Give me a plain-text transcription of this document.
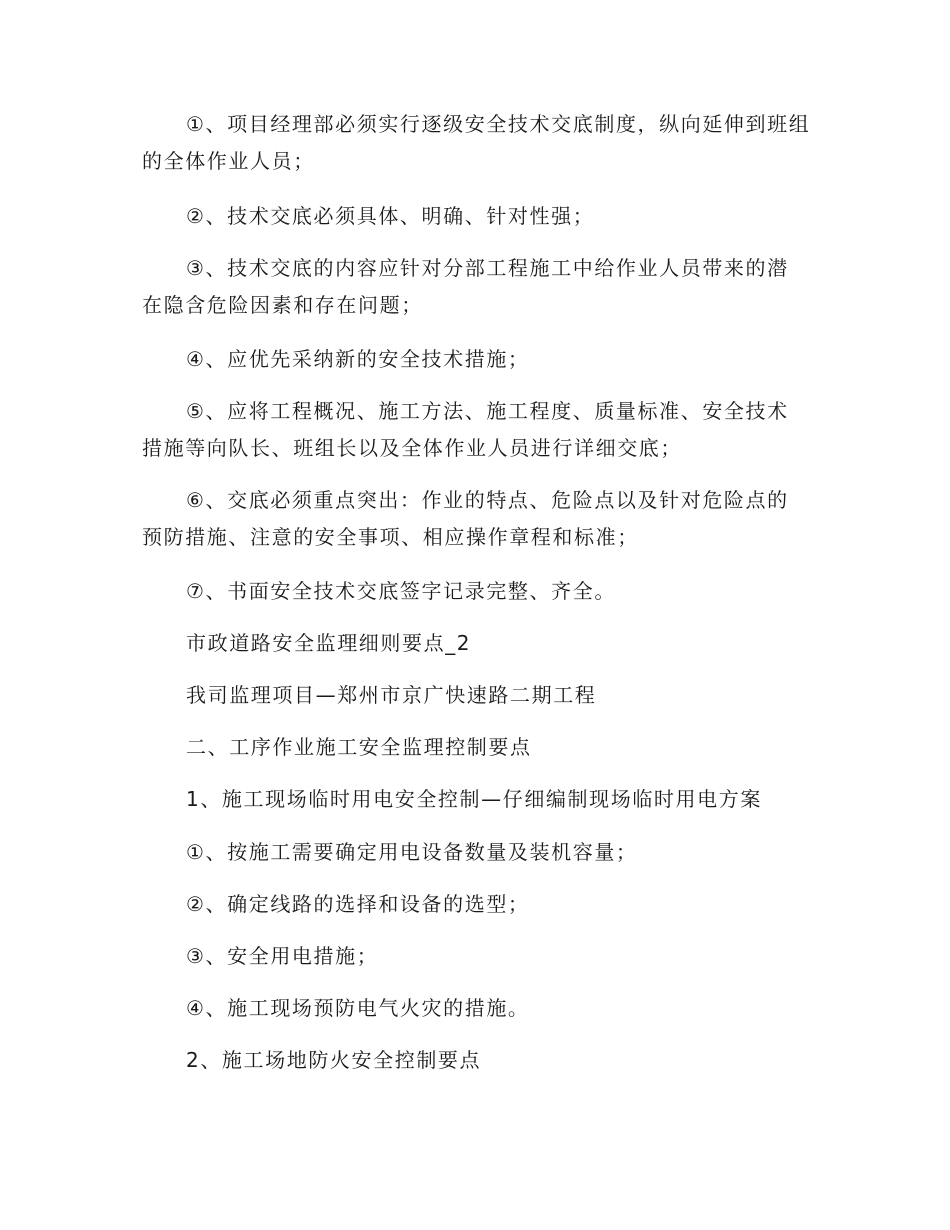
①、项目经理部必须实行逐级安全技术交底制度，纵向延伸到班组
的全体作业人员；
②、技术交底必须具体、明确、针对性强；
③、技术交底的内容应针对分部工程施工中给作业人员带来的潜
在隐含危险因素和存在问题；
④、应优先采纳新的安全技术措施；
⑤、应将工程概况、施工方法、施工程度、质量标准、安全技术
措施等向队长、班组长以及全体作业人员进行详细交底；
⑥、交底必须重点突出：作业的特点、危险点以及针对危险点的
预防措施、注意的安全事项、相应操作章程和标准；
⑦、书面安全技术交底签字记录完整、齐全。
市政道路安全监理细则要点_2
我司监理项目—郑州市京广快速路二期工程
二、工序作业施工安全监理控制要点
1、施工现场临时用电安全控制—仔细编制现场临时用电方案
①、按施工需要确定用电设备数量及装机容量；
②、确定线路的选择和设备的选型；
③、安全用电措施；
④、施工现场预防电气火灾的措施。
2、施工场地防火安全控制要点
